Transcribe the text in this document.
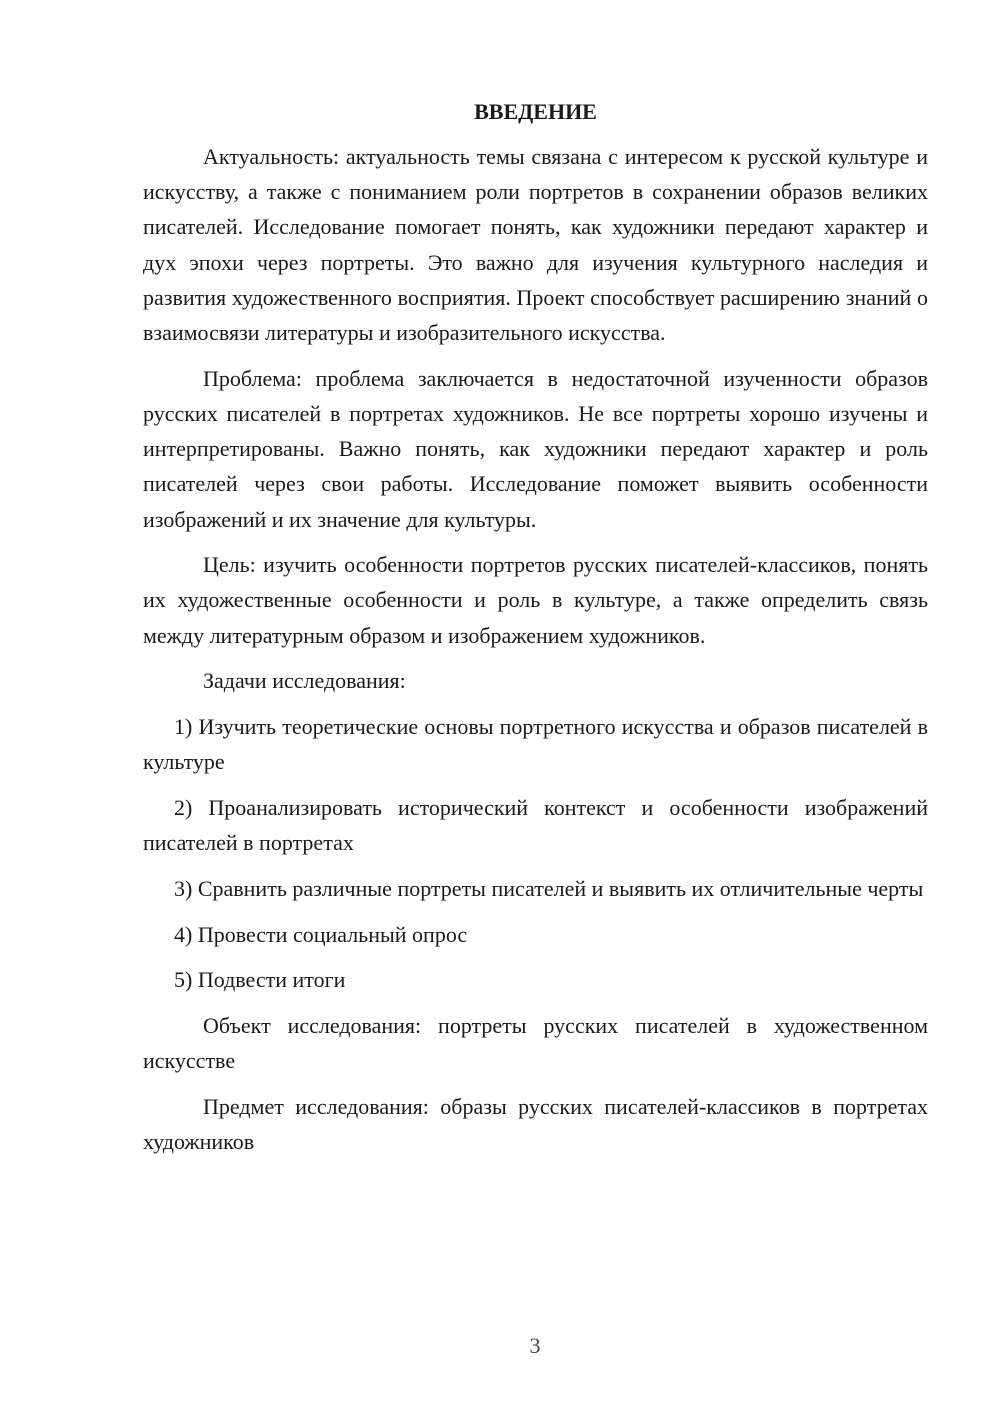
ВВЕДЕНИЕ

Актуальность: актуальность темы связана с интересом к русской культуре и искусству, а также с пониманием роли портретов в сохранении образов великих писателей. Исследование помогает понять, как художники передают характер и дух эпохи через портреты. Это важно для изучения культурного наследия и развития художественного восприятия. Проект способствует расширению знаний о взаимосвязи литературы и изобразительного искусства.

Проблема: проблема заключается в недостаточной изученности образов русских писателей в портретах художников. Не все портреты хорошо изучены и интерпретированы. Важно понять, как художники передают характер и роль писателей через свои работы. Исследование поможет выявить особенности изображений и их значение для культуры.

Цель: изучить особенности портретов русских писателей-классиков, понять их художественные особенности и роль в культуре, а также определить связь между литературным образом и изображением художников.

Задачи исследования:

1) Изучить теоретические основы портретного искусства и образов писателей в культуре

2) Проанализировать исторический контекст и особенности изображений писателей в портретах

3) Сравнить различные портреты писателей и выявить их отличительные черты

4) Провести социальный опрос

5) Подвести итоги

Объект исследования: портреты русских писателей в художественном искусстве

Предмет исследования: образы русских писателей-классиков в портретах художников

3
